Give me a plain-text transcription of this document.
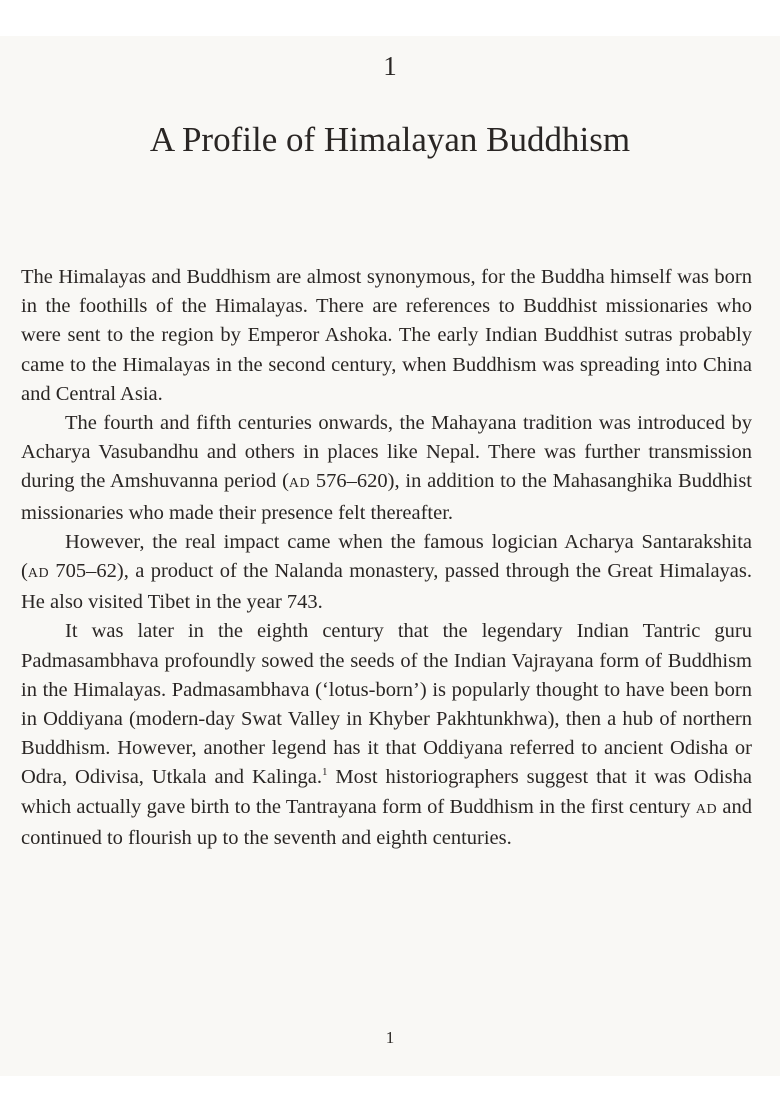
1
A Profile of Himalayan Buddhism

The Himalayas and Buddhism are almost synonymous, for the Buddha himself was born in the foothills of the Himalayas. There are references to Buddhist missionaries who were sent to the region by Emperor Ashoka. The early Indian Buddhist sutras probably came to the Himalayas in the second century, when Buddhism was spreading into China and Central Asia.

The fourth and fifth centuries onwards, the Mahayana tradition was introduced by Acharya Vasubandhu and others in places like Nepal. There was further transmission during the Amshuvanna period (AD 576–620), in addition to the Mahasanghika Buddhist missionaries who made their presence felt thereafter.

However, the real impact came when the famous logician Acharya Santarakshita (AD 705–62), a product of the Nalanda monastery, passed through the Great Himalayas. He also visited Tibet in the year 743.

It was later in the eighth century that the legendary Indian Tantric guru Padmasambhava profoundly sowed the seeds of the Indian Vajrayana form of Buddhism in the Himalayas. Padmasambhava (‘lotus-born’) is popularly thought to have been born in Oddiyana (modern-day Swat Valley in Khyber Pakhtunkhwa), then a hub of northern Buddhism. However, another legend has it that Oddiyana referred to ancient Odisha or Odra, Odivisa, Utkala and Kalinga.$^1$ Most historiographers suggest that it was Odisha which actually gave birth to the Tantrayana form of Buddhism in the first century AD and continued to flourish up to the seventh and eighth centuries.

1
